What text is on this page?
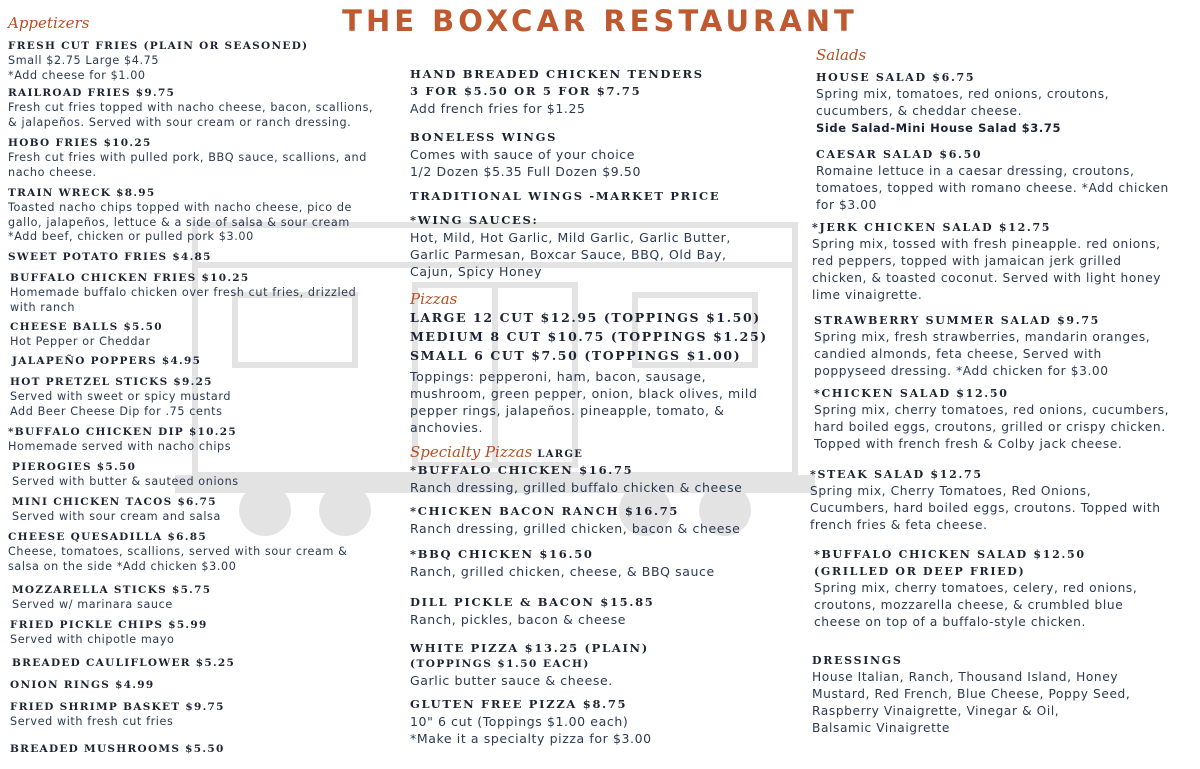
THE BOXCAR RESTAURANT
Appetizers
FRESH CUT FRIES (PLAIN OR SEASONED)
Small $2.75 Large $4.75
*Add cheese for $1.00
RAILROAD FRIES $9.75
Fresh cut fries topped with nacho cheese, bacon, scallions,
& jalapeños. Served with sour cream or ranch dressing.
HOBO FRIES $10.25
Fresh cut fries with pulled pork, BBQ sauce, scallions, and
nacho cheese.
TRAIN WRECK $8.95
Toasted nacho chips topped with nacho cheese, pico de
gallo, jalapeños, lettuce & a side of salsa & sour cream
*Add beef, chicken or pulled pork $3.00
SWEET POTATO FRIES $4.85
BUFFALO CHICKEN FRIES $10.25
Homemade buffalo chicken over fresh cut fries, drizzled
with ranch
CHEESE BALLS $5.50
Hot Pepper or Cheddar
JALAPEÑO POPPERS $4.95
HOT PRETZEL STICKS $9.25
Served with sweet or spicy mustard
Add Beer Cheese Dip for .75 cents
*BUFFALO CHICKEN DIP $10.25
Homemade served with nacho chips
PIEROGIES $5.50
Served with butter & sauteed onions
MINI CHICKEN TACOS $6.75
Served with sour cream and salsa
CHEESE QUESADILLA $6.85
Cheese, tomatoes, scallions, served with sour cream &
salsa on the side *Add chicken $3.00
MOZZARELLA STICKS $5.75
Served w/ marinara sauce
FRIED PICKLE CHIPS $5.99
Served with chipotle mayo
BREADED CAULIFLOWER $5.25
ONION RINGS $4.99
FRIED SHRIMP BASKET $9.75
Served with fresh cut fries
BREADED MUSHROOMS $5.50
HAND BREADED CHICKEN TENDERS
3 FOR $5.50 OR 5 FOR $7.75
Add french fries for $1.25
BONELESS WINGS
Comes with sauce of your choice
1/2 Dozen $5.35 Full Dozen $9.50
TRADITIONAL WINGS -MARKET PRICE
*WING SAUCES:
Hot, Mild, Hot Garlic, Mild Garlic, Garlic Butter,
Garlic Parmesan, Boxcar Sauce, BBQ, Old Bay,
Cajun, Spicy Honey
Pizzas
LARGE 12 CUT $12.95 (TOPPINGS $1.50)
MEDIUM 8 CUT $10.75 (TOPPINGS $1.25)
SMALL 6 CUT $7.50 (TOPPINGS $1.00)
Toppings: pepperoni, ham, bacon, sausage,
mushroom, green pepper, onion, black olives, mild
pepper rings, jalapeños. pineapple, tomato, &
anchovies.
Specialty Pizzas LARGE
*BUFFALO CHICKEN $16.75
Ranch dressing, grilled buffalo chicken & cheese
*CHICKEN BACON RANCH $16.75
Ranch dressing, grilled chicken, bacon & cheese
*BBQ CHICKEN $16.50
Ranch, grilled chicken, cheese, & BBQ sauce
DILL PICKLE & BACON $15.85
Ranch, pickles, bacon & cheese
WHITE PIZZA $13.25 (PLAIN)
(TOPPINGS $1.50 EACH)
Garlic butter sauce & cheese.
GLUTEN FREE PIZZA $8.75
10" 6 cut (Toppings $1.00 each)
*Make it a specialty pizza for $3.00
Salads
HOUSE SALAD $6.75
Spring mix, tomatoes, red onions, croutons,
cucumbers, & cheddar cheese.
Side Salad-Mini House Salad $3.75
CAESAR SALAD $6.50
Romaine lettuce in a caesar dressing, croutons,
tomatoes, topped with romano cheese. *Add chicken
for $3.00
*JERK CHICKEN SALAD $12.75
Spring mix, tossed with fresh pineapple. red onions,
red peppers, topped with jamaican jerk grilled
chicken, & toasted coconut. Served with light honey
lime vinaigrette.
STRAWBERRY SUMMER SALAD $9.75
Spring mix, fresh strawberries, mandarin oranges,
candied almonds, feta cheese, Served with
poppyseed dressing. *Add chicken for $3.00
*CHICKEN SALAD $12.50
Spring mix, cherry tomatoes, red onions, cucumbers,
hard boiled eggs, croutons, grilled or crispy chicken.
Topped with french fresh & Colby jack cheese.
*STEAK SALAD $12.75
Spring mix, Cherry Tomatoes, Red Onions,
Cucumbers, hard boiled eggs, croutons. Topped with
french fries & feta cheese.
*BUFFALO CHICKEN SALAD $12.50
(GRILLED OR DEEP FRIED)
Spring mix, cherry tomatoes, celery, red onions,
croutons, mozzarella cheese, & crumbled blue
cheese on top of a buffalo-style chicken.
DRESSINGS
House Italian, Ranch, Thousand Island, Honey
Mustard, Red French, Blue Cheese, Poppy Seed,
Raspberry Vinaigrette, Vinegar & Oil,
Balsamic Vinaigrette
